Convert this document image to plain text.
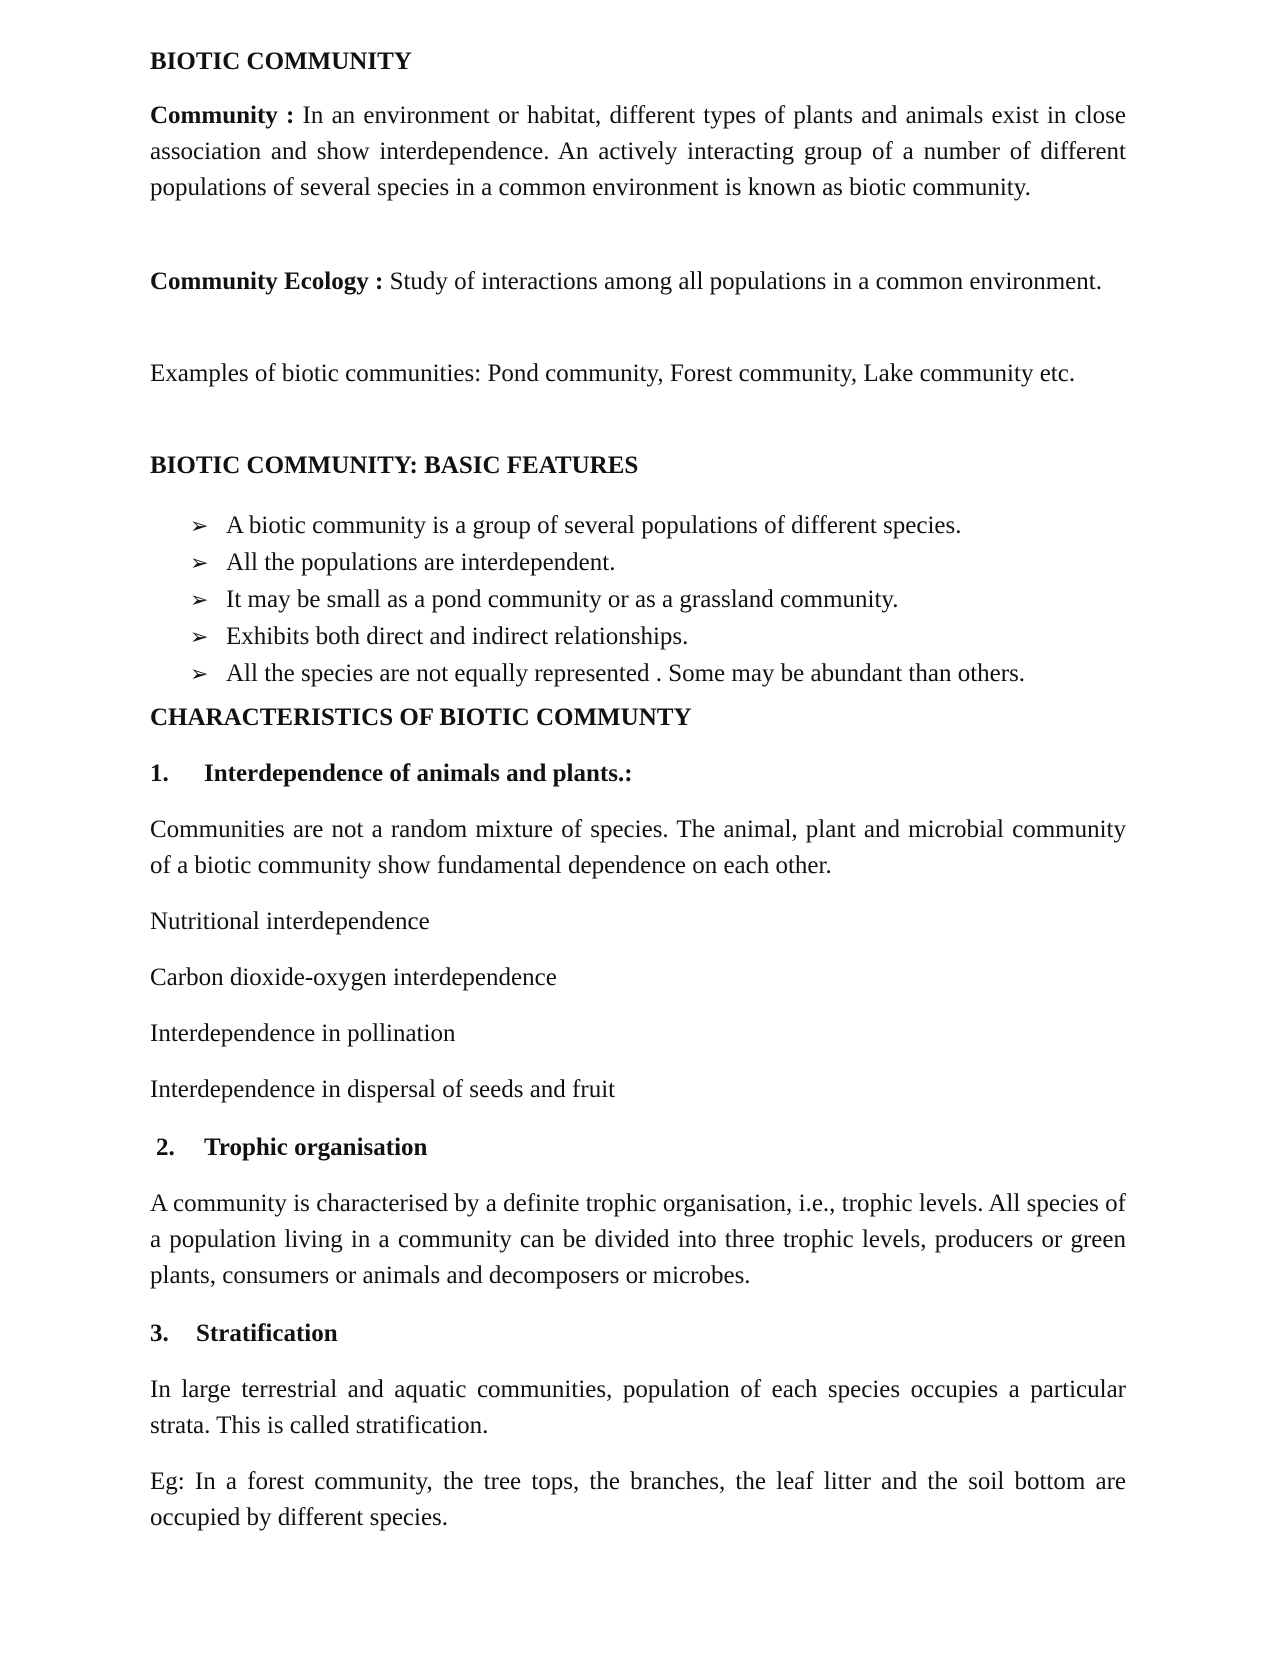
BIOTIC COMMUNITY

Community : In an environment or habitat, different types of plants and animals exist in close association and show interdependence. An actively interacting group of a number of different populations of several species in a common environment is known as biotic community.

Community Ecology : Study of interactions among all populations in a common environment.

Examples of biotic communities: Pond community, Forest community, Lake community etc.

BIOTIC COMMUNITY: BASIC FEATURES

➢ A biotic community is a group of several populations of different species.
➢ All the populations are interdependent.
➢ It may be small as a pond community or as a grassland community.
➢ Exhibits both direct and indirect relationships.
➢ All the species are not equally represented . Some may be abundant than others.

CHARACTERISTICS OF BIOTIC COMMUNTY

1.	Interdependence of animals and plants.:

Communities are not a random mixture of species. The animal, plant and microbial community of a biotic community show fundamental dependence on each other.

Nutritional interdependence

Carbon dioxide-oxygen interdependence

Interdependence in pollination

Interdependence in dispersal of seeds and fruit

2.	Trophic organisation

A community is characterised by a definite trophic organisation, i.e., trophic levels. All species of a population living in a community can be divided into three trophic levels, producers or green plants, consumers or animals and decomposers or microbes.

3.	Stratification

In large terrestrial and aquatic communities, population of each species occupies a particular strata. This is called stratification.

Eg: In a forest community, the tree tops, the branches, the leaf litter and the soil bottom are occupied by different species.
